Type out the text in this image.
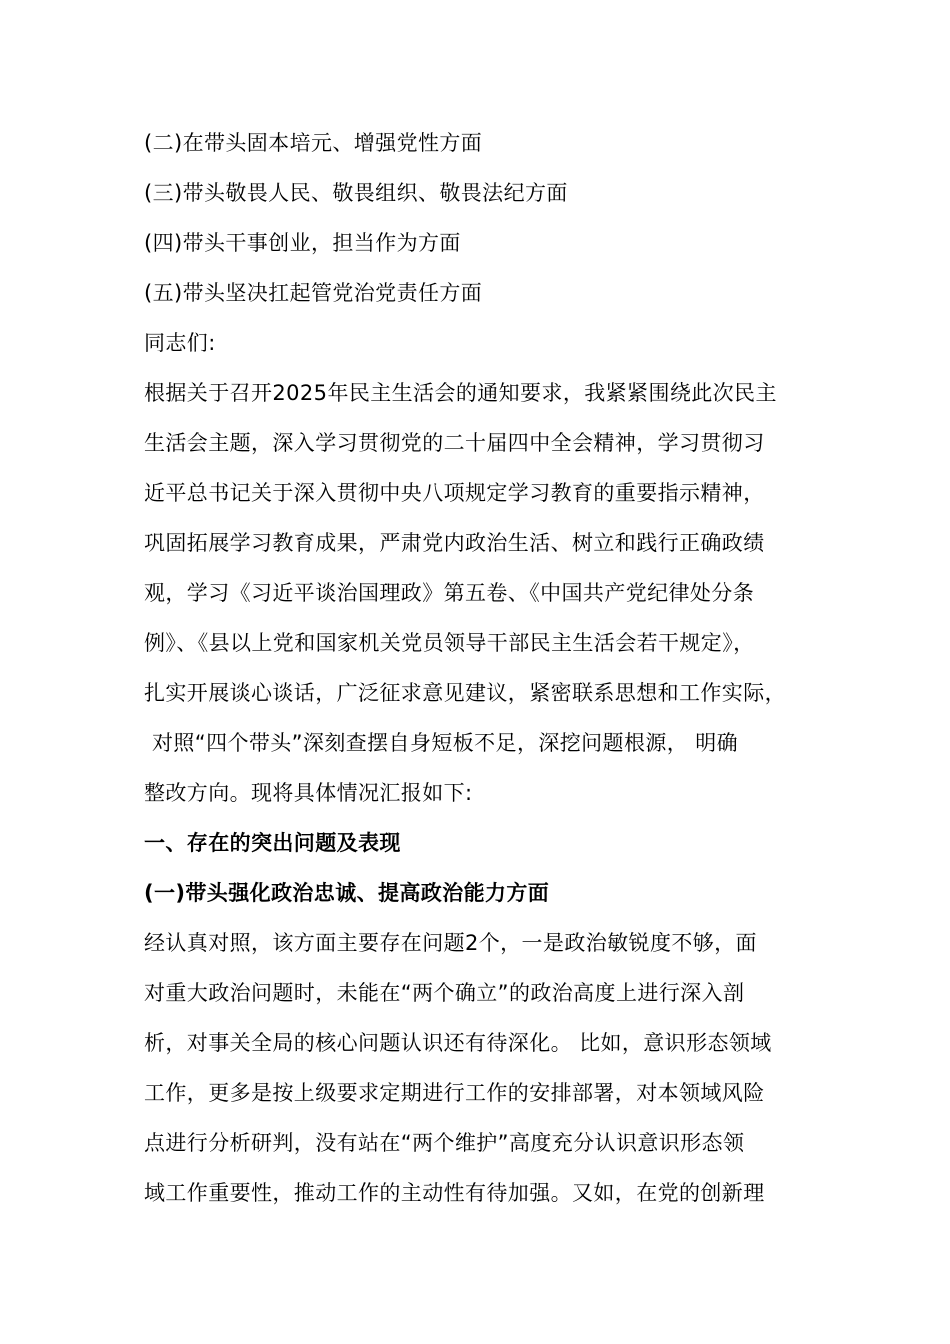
(二)在带头固本培元、增强党性方面
(三)带头敬畏人民、敬畏组织、敬畏法纪方面
(四)带头干事创业，担当作为方面
(五)带头坚决扛起管党治党责任方面
同志们:
根据关于召开2025年民主生活会的通知要求，我紧紧围绕此次民主
生活会主题，深入学习贯彻党的二十届四中全会精神，学习贯彻习
近平总书记关于深入贯彻中央八项规定学习教育的重要指示精神，
巩固拓展学习教育成果，严肃党内政治生活、树立和践行正确政绩
观，学习《习近平谈治国理政》第五卷、《中国共产党纪律处分条
例》、《县以上党和国家机关党员领导干部民主生活会若干规定》，
扎实开展谈心谈话，广泛征求意见建议，紧密联系思想和工作实际，
对照“四个带头”深刻查摆自身短板不足，深挖问题根源， 明确
整改方向。现将具体情况汇报如下:
一、存在的突出问题及表现
(一)带头强化政治忠诚、提高政治能力方面
经认真对照，该方面主要存在问题2个，一是政治敏锐度不够，面
对重大政治问题时，未能在“两个确立”的政治高度上进行深入剖
析，对事关全局的核心问题认识还有待深化。 比如，意识形态领域
工作，更多是按上级要求定期进行工作的安排部署，对本领域风险
点进行分析研判，没有站在“两个维护”高度充分认识意识形态领
域工作重要性，推动工作的主动性有待加强。又如，在党的创新理
